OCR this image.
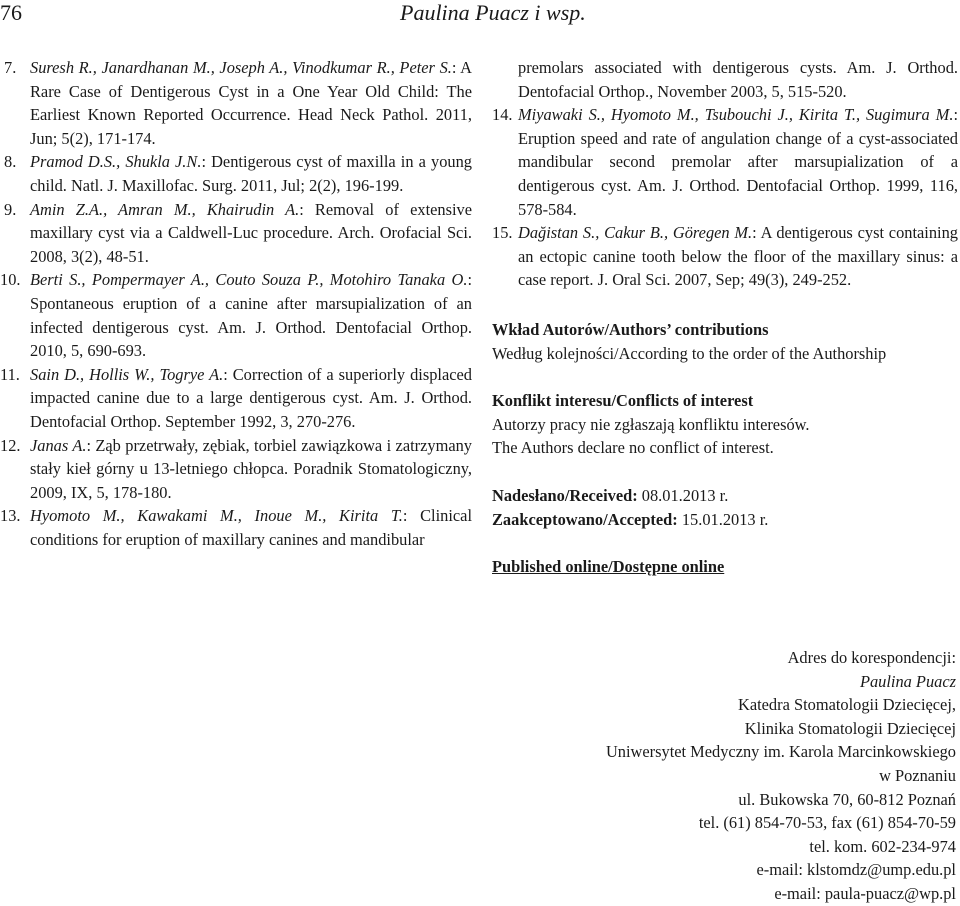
76	Paulina Puacz i wsp.
7. Suresh R., Janardhanan M., Joseph A., Vinodkumar R., Peter S.: A Rare Case of Dentigerous Cyst in a One Year Old Child: The Earliest Known Reported Occurrence. Head Neck Pathol. 2011, Jun; 5(2), 171-174.
8. Pramod D.S., Shukla J.N.: Dentigerous cyst of maxilla in a young child. Natl. J. Maxillofac. Surg. 2011, Jul; 2(2), 196-199.
9. Amin Z.A., Amran M., Khairudin A.: Removal of extensive maxillary cyst via a Caldwell-Luc procedure. Arch. Orofacial Sci. 2008, 3(2), 48-51.
10. Berti S., Pompermayer A., Couto Souza P., Motohiro Tanaka O.: Spontaneous eruption of a canine after marsupialization of an infected dentigerous cyst. Am. J. Orthod. Dentofacial Orthop. 2010, 5, 690-693.
11. Sain D., Hollis W., Togrye A.: Correction of a superiorly displaced impacted canine due to a large dentigerous cyst. Am. J. Orthod. Dentofacial Orthop. September 1992, 3, 270-276.
12. Janas A.: Ząb przetrwały, zębiak, torbiel zawiązkowa i zatrzymany stały kieł górny u 13-letniego chłopca. Poradnik Stomatologiczny, 2009, IX, 5, 178-180.
13. Hyomoto M., Kawakami M., Inoue M., Kirita T.: Clinical conditions for eruption of maxillary canines and mandibular
premolars associated with dentigerous cysts. Am. J. Orthod. Dentofacial Orthop., November 2003, 5, 515-520.
14. Miyawaki S., Hyomoto M., Tsubouchi J., Kirita T., Sugimura M.: Eruption speed and rate of angulation change of a cyst-associated mandibular second premolar after marsupialization of a dentigerous cyst. Am. J. Orthod. Dentofacial Orthop. 1999, 116, 578-584.
15. Dağistan S., Cakur B., Göregen M.: A dentigerous cyst containing an ectopic canine tooth below the floor of the maxillary sinus: a case report. J. Oral Sci. 2007, Sep; 49(3), 249-252.
Wkład Autorów/Authors’ contributions
Według kolejności/According to the order of the Authorship
Konflikt interesu/Conflicts of interest
Autorzy pracy nie zgłaszają konfliktu interesów.
The Authors declare no conflict of interest.
Nadesłano/Received: 08.01.2013 r.
Zaakceptowano/Accepted: 15.01.2013 r.
Published online/Dostępne online
Adres do korespondencji:
Paulina Puacz
Katedra Stomatologii Dziecięcej,
Klinika Stomatologii Dziecięcej
Uniwersytet Medyczny im. Karola Marcinkowskiego
w Poznaniu
ul. Bukowska 70, 60-812 Poznań
tel. (61) 854-70-53, fax (61) 854-70-59
tel. kom. 602-234-974
e-mail: klstomdz@ump.edu.pl
e-mail: paula-puacz@wp.pl
